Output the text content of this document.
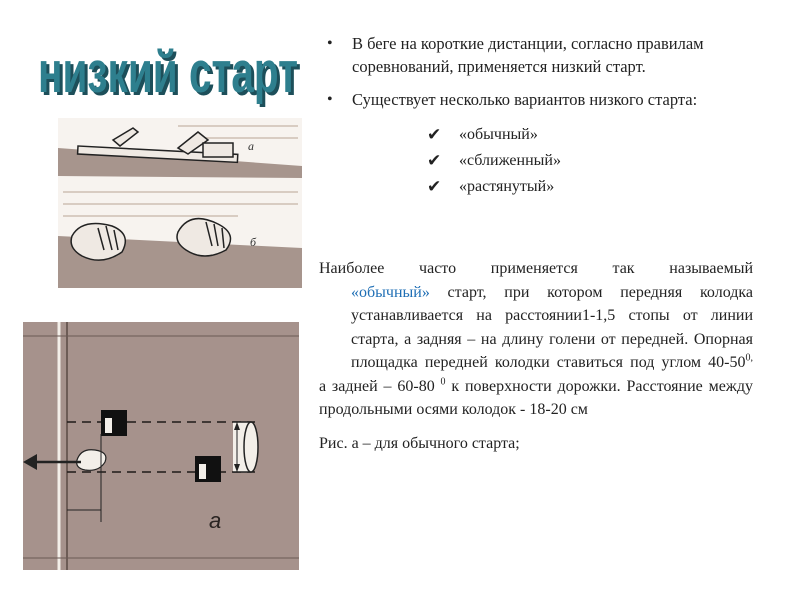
низкий старт
низкий старт
а
б
• В беге на короткие дистанции, согласно правилам соревнований, применяется низкий старт.
• Существует несколько вариантов низкого старта:
✔	«обычный»
✔	«сближенный»
✔	«растянутый»

Наиболее часто применяется так называемый

«обычный» старт, при котором передняя колодка устанавливается на расстоянии1-1,5 стопы от линии старта, а задняя – на длину голени от передней. Опорная площадка передней колодки ставиться под углом $40-50^{0,}$

а задней – 60-80 $^0$ к поверхности дорожки. Расстояние между продольными осями колодок - 18-20 см

Рис. а – для обычного старта;

а
